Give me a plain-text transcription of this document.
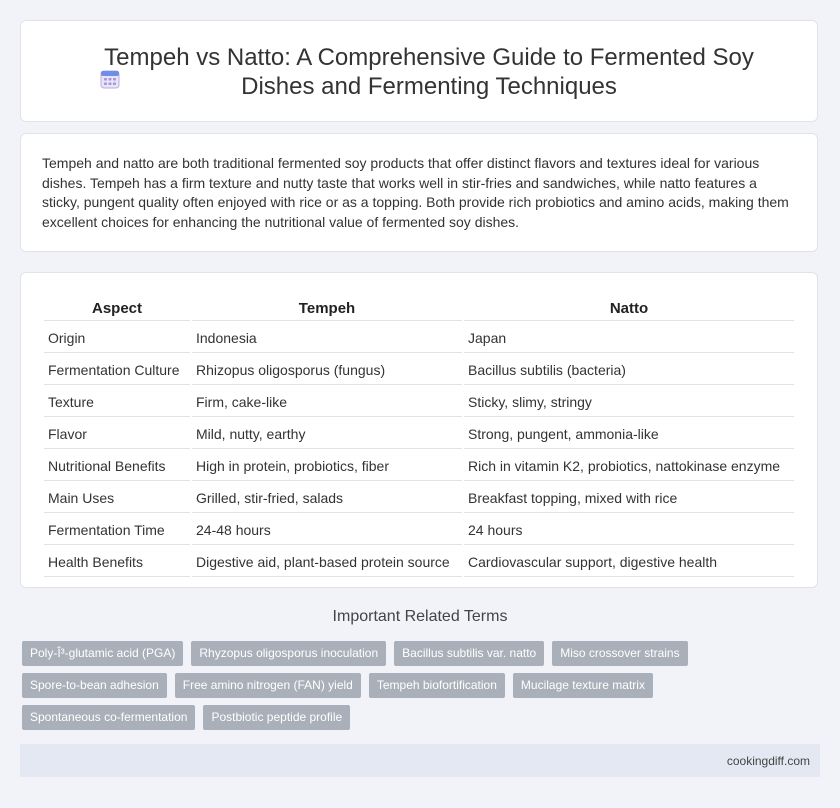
Tempeh vs Natto: A Comprehensive Guide to Fermented Soy Dishes and Fermenting Techniques
Tempeh and natto are both traditional fermented soy products that offer distinct flavors and textures ideal for various dishes. Tempeh has a firm texture and nutty taste that works well in stir-fries and sandwiches, while natto features a sticky, pungent quality often enjoyed with rice or as a topping. Both provide rich probiotics and amino acids, making them excellent choices for enhancing the nutritional value of fermented soy dishes.
Aspect	Tempeh	Natto
Origin	Indonesia	Japan
Fermentation Culture	Rhizopus oligosporus (fungus)	Bacillus subtilis (bacteria)
Texture	Firm, cake-like	Sticky, slimy, stringy
Flavor	Mild, nutty, earthy	Strong, pungent, ammonia-like
Nutritional Benefits	High in protein, probiotics, fiber	Rich in vitamin K2, probiotics, nattokinase enzyme
Main Uses	Grilled, stir-fried, salads	Breakfast topping, mixed with rice
Fermentation Time	24-48 hours	24 hours
Health Benefits	Digestive aid, plant-based protein source	Cardiovascular support, digestive health
Important Related Terms
Poly-Î³-glutamic acid (PGA)	Rhyzopus oligosporus inoculation	Bacillus subtilis var. natto	Miso crossover strains
Spore-to-bean adhesion	Free amino nitrogen (FAN) yield	Tempeh biofortification	Mucilage texture matrix
Spontaneous co-fermentation	Postbiotic peptide profile
cookingdiff.com
